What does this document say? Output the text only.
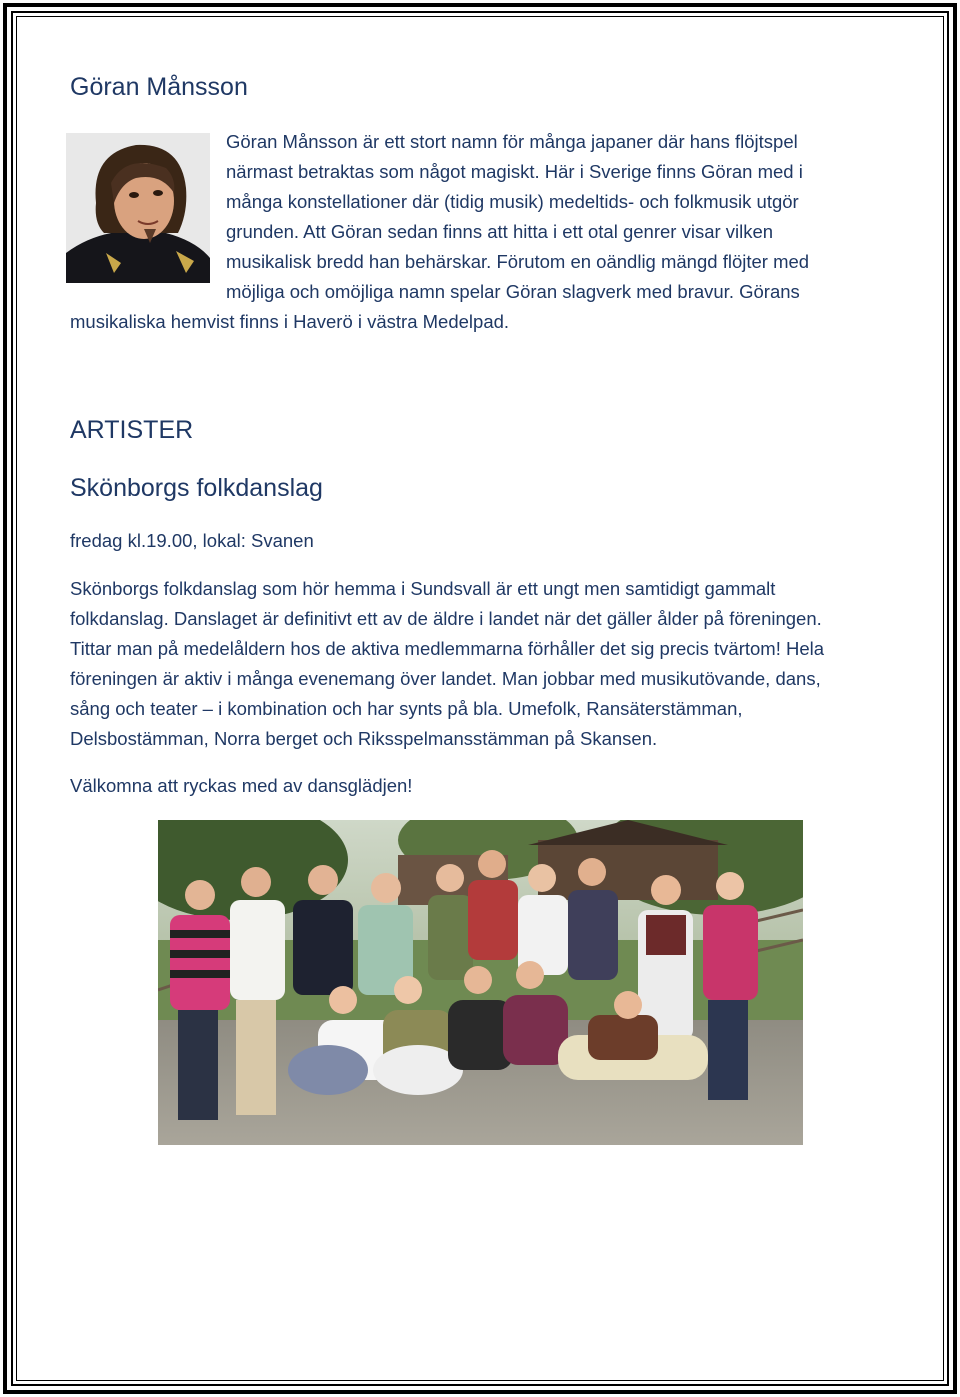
Göran Månsson
Göran Månsson är ett stort namn för många japaner där hans flöjtspel
närmast betraktas som något magiskt. Här i Sverige finns Göran med i
många konstellationer där (tidig musik) medeltids- och folkmusik utgör
grunden. Att Göran sedan finns att hitta i ett otal genrer visar vilken
musikalisk bredd han behärskar. Förutom en oändlig mängd flöjter med
möjliga och omöjliga namn spelar Göran slagverk med bravur. Görans
musikaliska hemvist finns i Haverö i västra Medelpad.
ARTISTER
Skönborgs folkdanslag

fredag kl.19.00, lokal: Svanen

Skönborgs folkdanslag som hör hemma i Sundsvall är ett ungt men samtidigt gammalt
folkdanslag. Danslaget är definitivt ett av de äldre i landet när det gäller ålder på föreningen.
Tittar man på medelåldern hos de aktiva medlemmarna förhåller det sig precis tvärtom! Hela
föreningen är aktiv i många evenemang över landet. Man jobbar med musikutövande, dans,
sång och teater – i kombination och har synts på bla. Umefolk, Ransäterstämman,
Delsbostämman, Norra berget och Riksspelmansstämman på Skansen.

Välkomna att ryckas med av dansglädjen!
